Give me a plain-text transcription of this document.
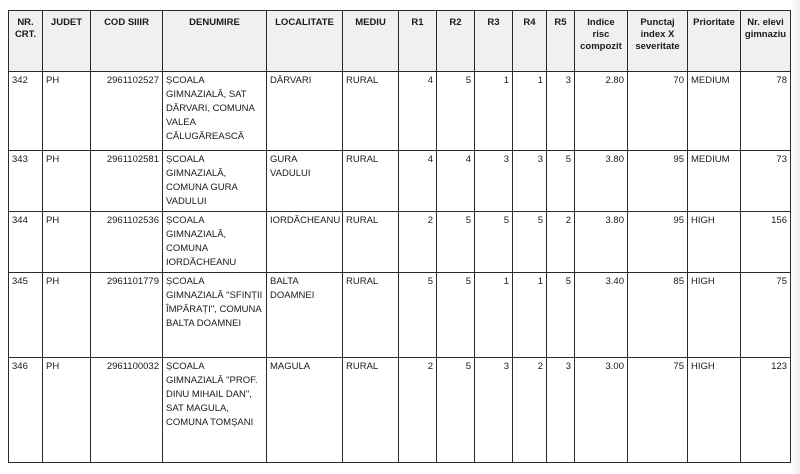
NR. CRT.	JUDET	COD SIIIR	DENUMIRE	LOCALITATE	MEDIU	R1	R2	R3	R4	R5	Indice risc compozit	Punctaj index X severitate	Prioritate	Nr. elevi gimnaziu
342	PH	2961102527	ȘCOALA GIMNAZIALĂ, SAT DĂRVARI, COMUNA VALEA CĂLUGĂREASCĂ	DĂRVARI	RURAL	4	5	1	1	3	2.80	70	MEDIUM	78
343	PH	2961102581	ȘCOALA GIMNAZIALĂ, COMUNA GURA VADULUI	GURA VADULUI	RURAL	4	4	3	3	5	3.80	95	MEDIUM	73
344	PH	2961102536	ȘCOALA GIMNAZIALĂ, COMUNA IORDĂCHEANU	IORDĂCHEANU	RURAL	2	5	5	5	2	3.80	95	HIGH	156
345	PH	2961101779	ȘCOALA GIMNAZIALĂ "SFINȚII ÎMPĂRAȚI", COMUNA BALTA DOAMNEI	BALTA DOAMNEI	RURAL	5	5	1	1	5	3.40	85	HIGH	75
346	PH	2961100032	ȘCOALA GIMNAZIALĂ "PROF. DINU MIHAIL DAN", SAT MAGULA, COMUNA TOMȘANI	MAGULA	RURAL	2	5	3	2	3	3.00	75	HIGH	123
